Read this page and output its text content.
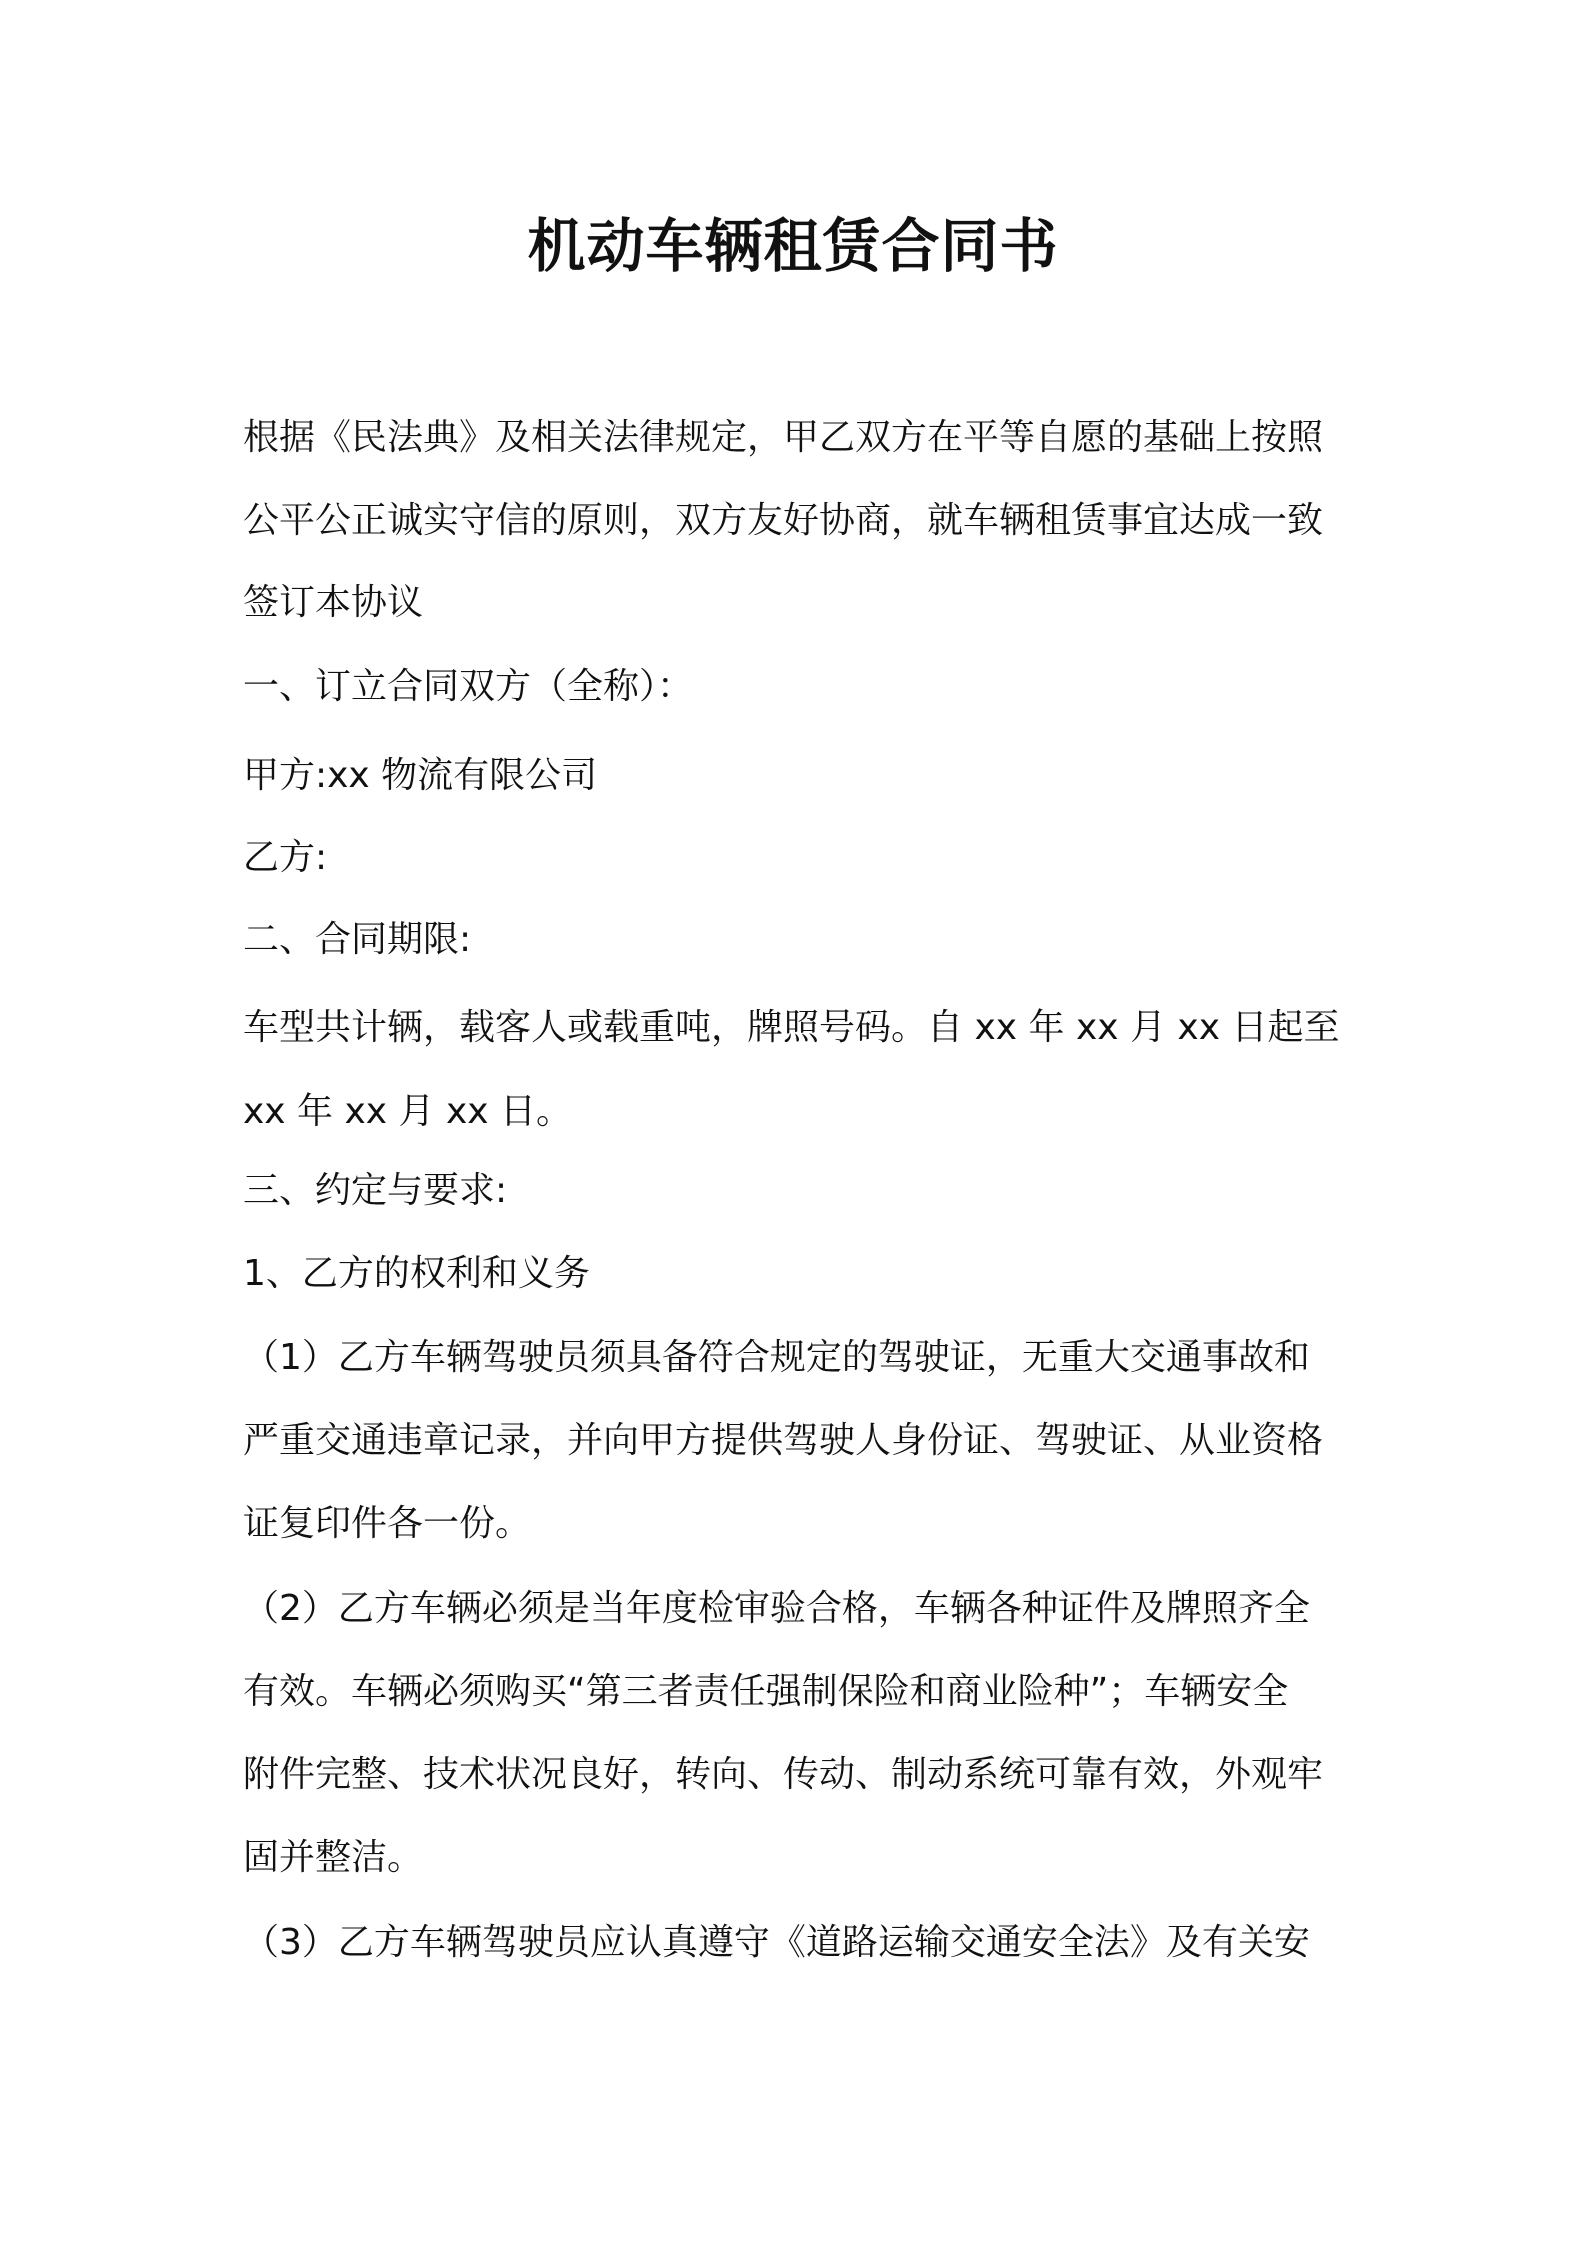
机动车辆租赁合同书
根据《民法典》及相关法律规定，甲乙双方在平等自愿的基础上按照
公平公正诚实守信的原则，双方友好协商，就车辆租赁事宜达成一致
签订本协议
一、订立合同双方（全称）：
甲方:xx 物流有限公司
乙方:
二、合同期限:
车型共计辆，载客人或载重吨，牌照号码。自 xx 年 xx 月 xx 日起至
xx 年 xx 月 xx 日。
三、约定与要求:
1、乙方的权利和义务
（1）乙方车辆驾驶员须具备符合规定的驾驶证，无重大交通事故和
严重交通违章记录，并向甲方提供驾驶人身份证、驾驶证、从业资格
证复印件各一份。
（2）乙方车辆必须是当年度检审验合格，车辆各种证件及牌照齐全
有效。车辆必须购买“第三者责任强制保险和商业险种”；车辆安全
附件完整、技术状况良好，转向、传动、制动系统可靠有效，外观牢
固并整洁。
（3）乙方车辆驾驶员应认真遵守《道路运输交通安全法》及有关安
